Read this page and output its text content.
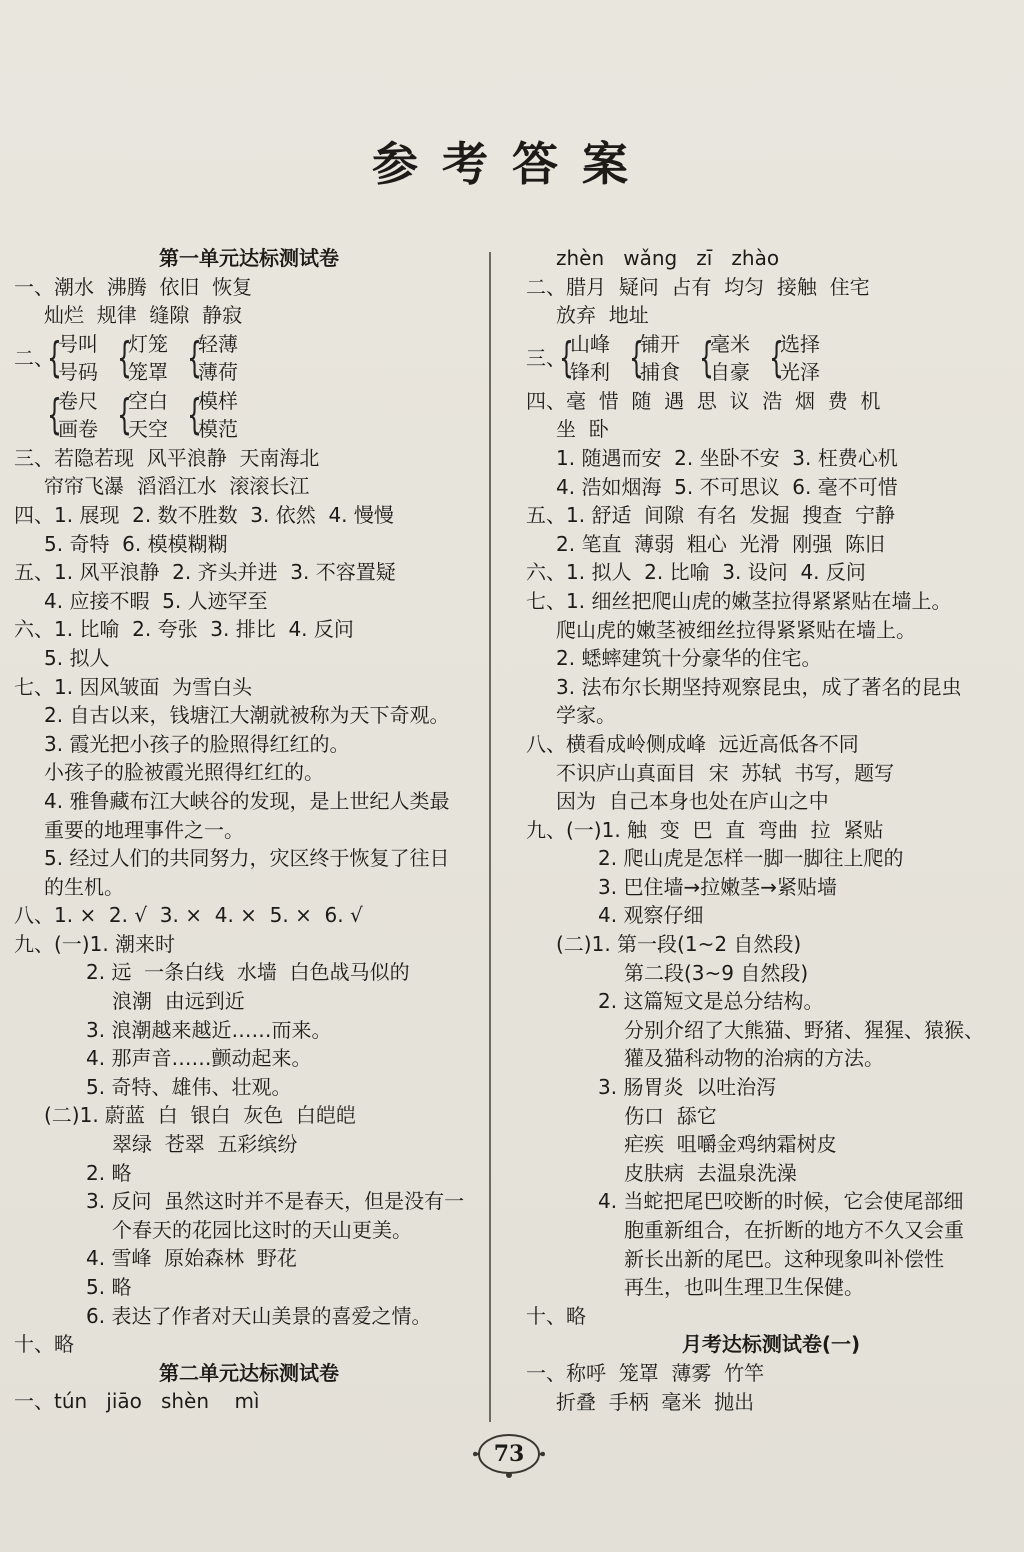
参考答案
第一单元达标测试卷
一、潮水  沸腾  依旧  恢复
灿烂  规律  缝隙  静寂
二、
{
号叫
号码 {
灯笼
笼罩 {
轻薄
薄荷
{
卷尺
画卷 {
空白
天空 {
模样
模范
三、若隐若现  风平浪静  天南海北
帘帘飞瀑  滔滔江水  滚滚长江
四、1. 展现  2. 数不胜数  3. 依然  4. 慢慢
5. 奇特  6. 模模糊糊
五、1. 风平浪静  2. 齐头并进  3. 不容置疑
4. 应接不暇  5. 人迹罕至
六、1. 比喻  2. 夸张  3. 排比  4. 反问
5. 拟人
七、1. 因风皱面  为雪白头
2. 自古以来，钱塘江大潮就被称为天下奇观。
3. 霞光把小孩子的脸照得红红的。
小孩子的脸被霞光照得红红的。
4. 雅鲁藏布江大峡谷的发现，是上世纪人类最
重要的地理事件之一。
5. 经过人们的共同努力，灾区终于恢复了往日
的生机。
八、1. ×  2. √  3. ×  4. ×  5. ×  6. √
九、(一)1. 潮来时
2. 远  一条白线  水墙  白色战马似的
浪潮  由远到近
3. 浪潮越来越近……而来。
4. 那声音……颤动起来。
5. 奇特、雄伟、壮观。
(二)1. 蔚蓝  白  银白  灰色  白皑皑
翠绿  苍翠  五彩缤纷
2. 略
3. 反问  虽然这时并不是春天，但是没有一
个春天的花园比这时的天山更美。
4. 雪峰  原始森林  野花
5. 略
6. 表达了作者对天山美景的喜爱之情。
十、略
第二单元达标测试卷
一、tún   jiāo   shèn    mì
zhèn   wǎng   zī   zhào
二、腊月  疑问  占有  均匀  接触  住宅
放弃  地址
三、
{
山峰
锋利 {
铺开
捕食 {
毫米
自豪 {
选择
光泽
四、毫  惜  随  遇  思  议  浩  烟  费  机
坐  卧
1. 随遇而安  2. 坐卧不安  3. 枉费心机
4. 浩如烟海  5. 不可思议  6. 毫不可惜
五、1. 舒适  间隙  有名  发掘  搜查  宁静
2. 笔直  薄弱  粗心  光滑  刚强  陈旧
六、1. 拟人  2. 比喻  3. 设问  4. 反问
七、1. 细丝把爬山虎的嫩茎拉得紧紧贴在墙上。
爬山虎的嫩茎被细丝拉得紧紧贴在墙上。
2. 蟋蟀建筑十分豪华的住宅。
3. 法布尔长期坚持观察昆虫，成了著名的昆虫
学家。
八、横看成岭侧成峰  远近高低各不同
不识庐山真面目  宋  苏轼  书写，题写
因为  自己本身也处在庐山之中
九、(一)1. 触  变  巴  直  弯曲  拉  紧贴
2. 爬山虎是怎样一脚一脚往上爬的
3. 巴住墙→拉嫩茎→紧贴墙
4. 观察仔细
(二)1. 第一段(1~2 自然段)
第二段(3~9 自然段)
2. 这篇短文是总分结构。
分别介绍了大熊猫、野猪、猩猩、猿猴、
獾及猫科动物的治病的方法。
3. 肠胃炎  以吐治泻
伤口  舔它
疟疾  咀嚼金鸡纳霜树皮
皮肤病  去温泉洗澡
4. 当蛇把尾巴咬断的时候，它会使尾部细
胞重新组合，在折断的地方不久又会重
新长出新的尾巴。这种现象叫补偿性
再生，也叫生理卫生保健。
十、略
月考达标测试卷(一)
一、称呼  笼罩  薄雾  竹竿
折叠  手柄  毫米  抛出
73
